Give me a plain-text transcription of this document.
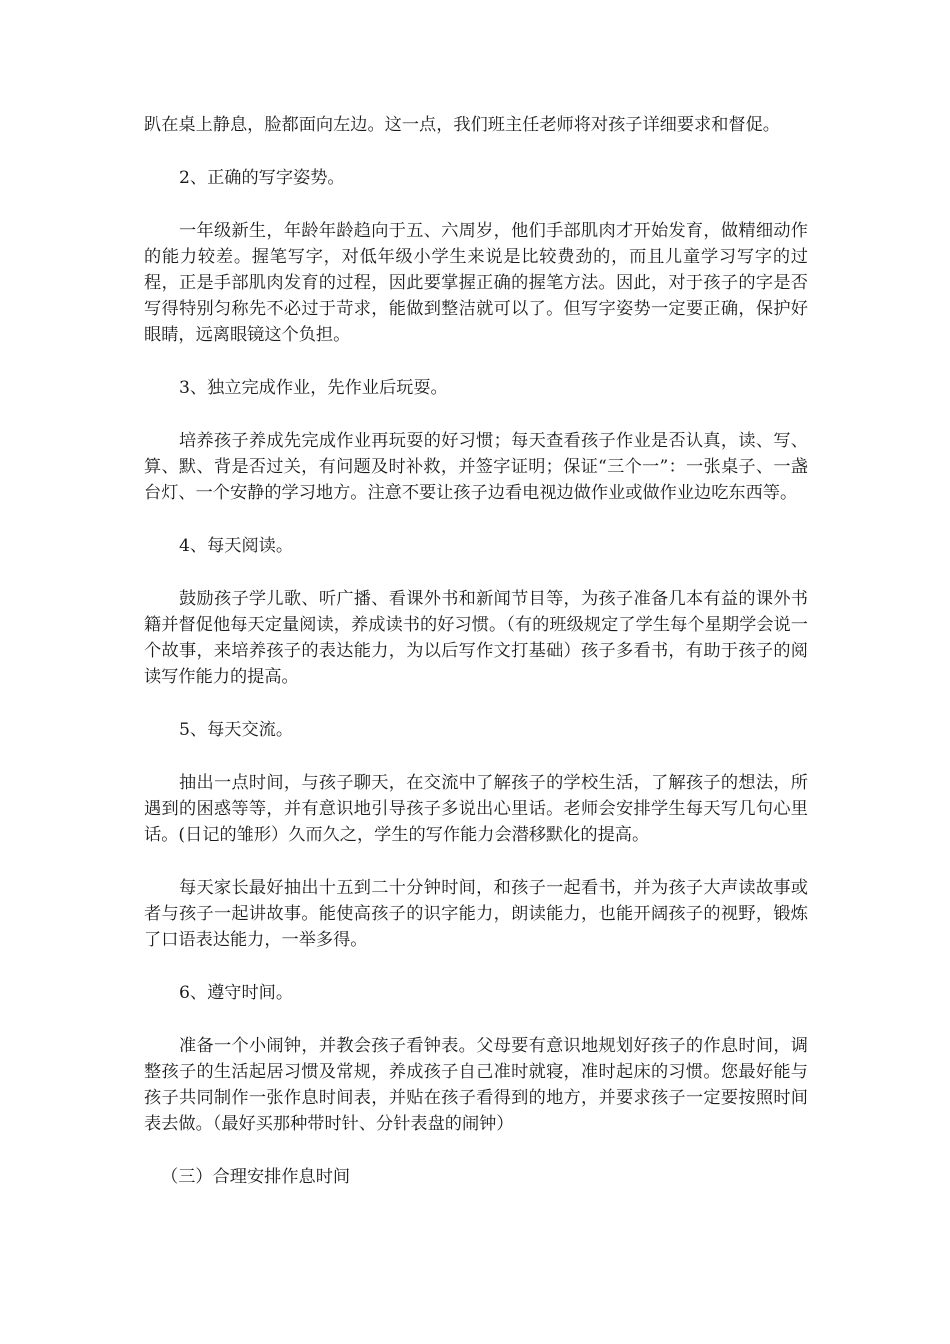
趴在桌上静息，脸都面向左边。这一点，我们班主任老师将对孩子详细要求和督促。

2、正确的写字姿势。

一年级新生，年龄年龄趋向于五、六周岁，他们手部肌肉才开始发育，做精细动作的能力较差。握笔写字，对低年级小学生来说是比较费劲的，而且儿童学习写字的过程，正是手部肌肉发育的过程，因此要掌握正确的握笔方法。因此，对于孩子的字是否写得特别匀称先不必过于苛求，能做到整洁就可以了。但写字姿势一定要正确，保护好眼睛，远离眼镜这个负担。

3、独立完成作业，先作业后玩耍。

培养孩子养成先完成作业再玩耍的好习惯；每天查看孩子作业是否认真，读、写、算、默、背是否过关，有问题及时补救，并签字证明；保证“三个一”：一张桌子、一盏台灯、一个安静的学习地方。注意不要让孩子边看电视边做作业或做作业边吃东西等。

4、每天阅读。

鼓励孩子学儿歌、听广播、看课外书和新闻节目等，为孩子准备几本有益的课外书籍并督促他每天定量阅读，养成读书的好习惯。（有的班级规定了学生每个星期学会说一个故事，来培养孩子的表达能力，为以后写作文打基础）孩子多看书，有助于孩子的阅读写作能力的提高。

5、每天交流。

抽出一点时间，与孩子聊天，在交流中了解孩子的学校生活，了解孩子的想法，所遇到的困惑等等，并有意识地引导孩子多说出心里话。老师会安排学生每天写几句心里话。(日记的雏形）久而久之，学生的写作能力会潜移默化的提高。

每天家长最好抽出十五到二十分钟时间，和孩子一起看书，并为孩子大声读故事或者与孩子一起讲故事。能使高孩子的识字能力，朗读能力，也能开阔孩子的视野，锻炼了口语表达能力，一举多得。

6、遵守时间。

准备一个小闹钟，并教会孩子看钟表。父母要有意识地规划好孩子的作息时间，调整孩子的生活起居习惯及常规，养成孩子自己准时就寝，准时起床的习惯。您最好能与孩子共同制作一张作息时间表，并贴在孩子看得到的地方，并要求孩子一定要按照时间表去做。（最好买那种带时针、分针表盘的闹钟）

（三）合理安排作息时间
